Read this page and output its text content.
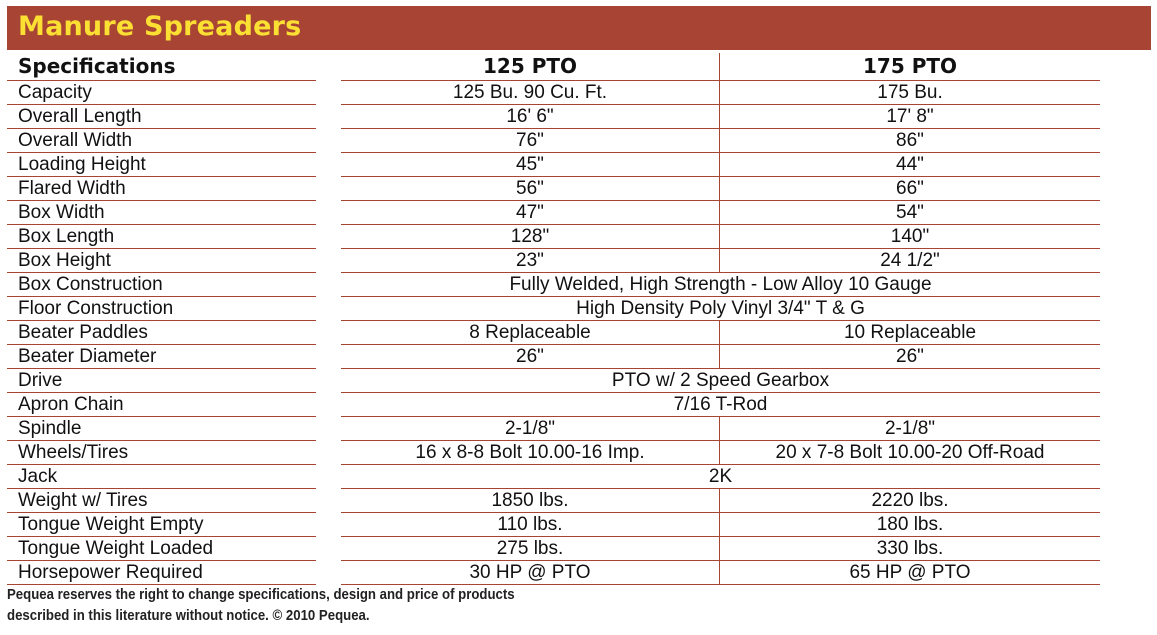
Manure Spreaders
Specifications	125 PTO	175 PTO
Capacity	125 Bu. 90 Cu. Ft.	175 Bu.
Overall Length	16' 6"	17' 8"
Overall Width	76"	86"
Loading Height	45"	44"
Flared Width	56"	66"
Box Width	47"	54"
Box Length	128"	140"
Box Height	23"	24 1/2"
Box Construction	Fully Welded, High Strength - Low Alloy 10 Gauge
Floor Construction	High Density Poly Vinyl 3/4" T & G
Beater Paddles	8 Replaceable	10 Replaceable
Beater Diameter	26"	26"
Drive	PTO w/ 2 Speed Gearbox
Apron Chain	7/16 T-Rod
Spindle	2-1/8"	2-1/8"
Wheels/Tires	16 x 8-8 Bolt 10.00-16 Imp.	20 x 7-8 Bolt 10.00-20 Off-Road
Jack	2K
Weight w/ Tires	1850 lbs.	2220 lbs.
Tongue Weight Empty	110 lbs.	180 lbs.
Tongue Weight Loaded	275 lbs.	330 lbs.
Horsepower Required	30 HP @ PTO	65 HP @ PTO
Pequea reserves the right to change specifications, design and price of products
described in this literature without notice. © 2010 Pequea.
